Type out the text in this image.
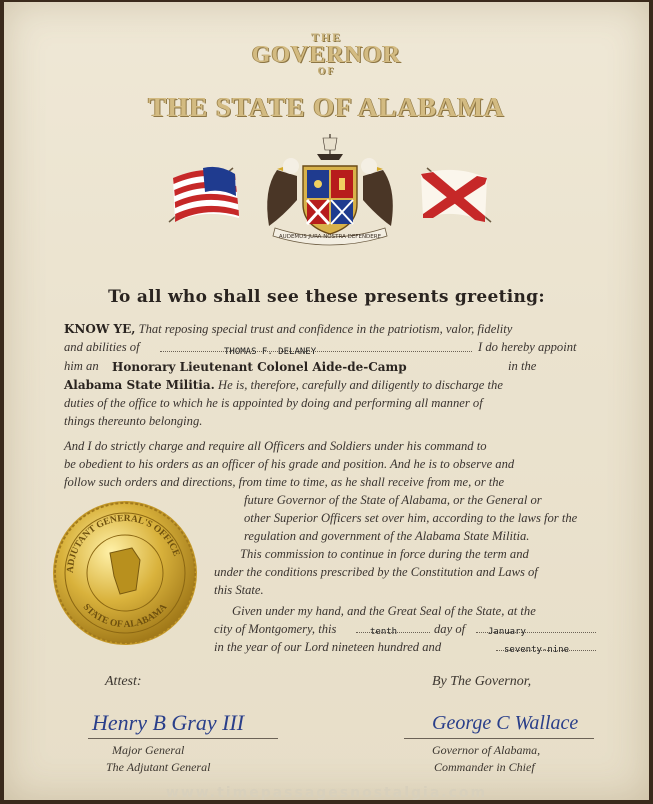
THE
GOVERNOR
OF
THE STATE OF ALABAMA
AUDEMUS JURA NOSTRA DEFENDERE
To all who shall see these presents greeting:
KNOW YE, That reposing special trust and confidence in the patriotism, valor, fidelity
and abilities of	THOMAS F. DELANEY	I do hereby appoint
him an Honorary Lieutenant Colonel Aide-de-Camp	in the
Alabama State Militia. He is, therefore, carefully and diligently to discharge the
duties of the office to which he is appointed by doing and performing all manner of
things thereunto belonging.
And I do strictly charge and require all Officers and Soldiers under his command to
be obedient to his orders as an officer of his grade and position. And he is to observe and
follow such orders and directions, from time to time, as he shall receive from me, or the
future Governor of the State of Alabama, or the General or
other Superior Officers set over him, according to the laws for the
regulation and government of the Alabama State Militia.
This commission to continue in force during the term and
under the conditions prescribed by the Constitution and Laws of
this State.
Given under my hand, and the Great Seal of the State, at the
city of Montgomery, this	tenth	day of	January
in the year of our Lord nineteen hundred and	seventy-nine
ADJUTANT GENERAL'S OFFICE
STATE OF ALABAMA
Attest:	By The Governor,
Henry B Gray III
Major General
The Adjutant General
George C Wallace
Governor of Alabama,
Commander in Chief
www.timepassagesnostalgia.com
